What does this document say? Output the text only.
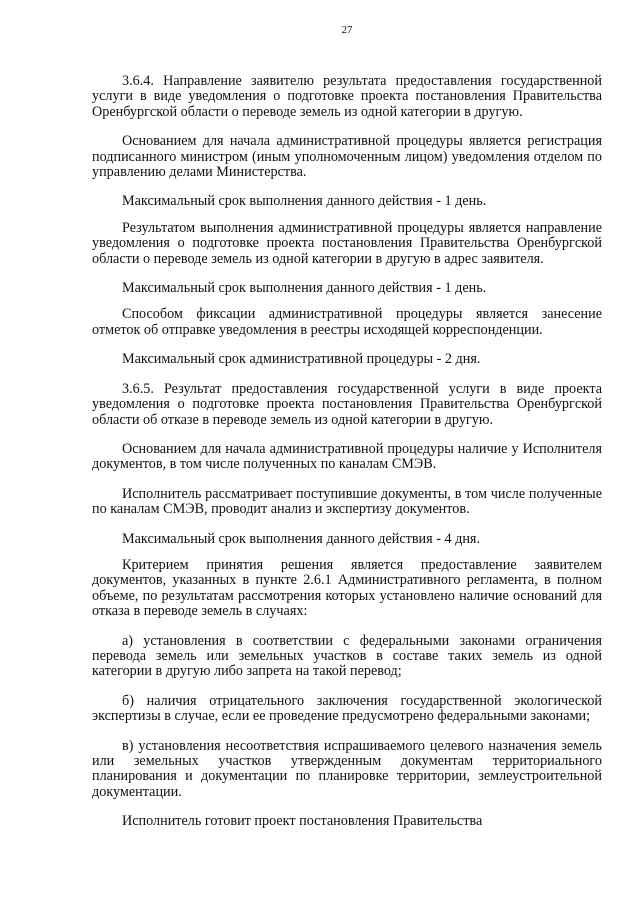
27

3.6.4. Направление заявителю результата предоставления государственной услуги в виде уведомления о подготовке проекта постановления Правительства Оренбургской области о переводе земель из одной категории в другую.

Основанием для начала административной процедуры является регистрация подписанного министром (иным уполномоченным лицом) уведомления отделом по управлению делами Министерства.

Максимальный срок выполнения данного действия - 1 день.

Результатом выполнения административной процедуры является направление уведомления о подготовке проекта постановления Правительства Оренбургской области о переводе земель из одной категории в другую в адрес заявителя.

Максимальный срок выполнения данного действия - 1 день.

Способом фиксации административной процедуры является занесение отметок об отправке уведомления в реестры исходящей корреспонденции.

Максимальный срок административной процедуры - 2 дня.

3.6.5. Результат предоставления государственной услуги в виде проекта уведомления о подготовке проекта постановления Правительства Оренбургской области об отказе в переводе земель из одной категории в другую.

Основанием для начала административной процедуры наличие у Исполнителя документов, в том числе полученных по каналам СМЭВ.

Исполнитель рассматривает поступившие документы, в том числе полученные по каналам СМЭВ, проводит анализ и экспертизу документов.

Максимальный срок выполнения данного действия - 4 дня.

Критерием принятия решения является предоставление заявителем документов, указанных в пункте 2.6.1 Административного регламента, в полном объеме, по результатам рассмотрения которых установлено наличие оснований для отказа в переводе земель в случаях:

а) установления в соответствии с федеральными законами ограничения перевода земель или земельных участков в составе таких земель из одной категории в другую либо запрета на такой перевод;

б) наличия отрицательного заключения государственной экологической экспертизы в случае, если ее проведение предусмотрено федеральными законами;

в) установления несоответствия испрашиваемого целевого назначения земель или земельных участков утвержденным документам территориального планирования и документации по планировке территории, землеустроительной документации.

Исполнитель готовит проект постановления Правительства
